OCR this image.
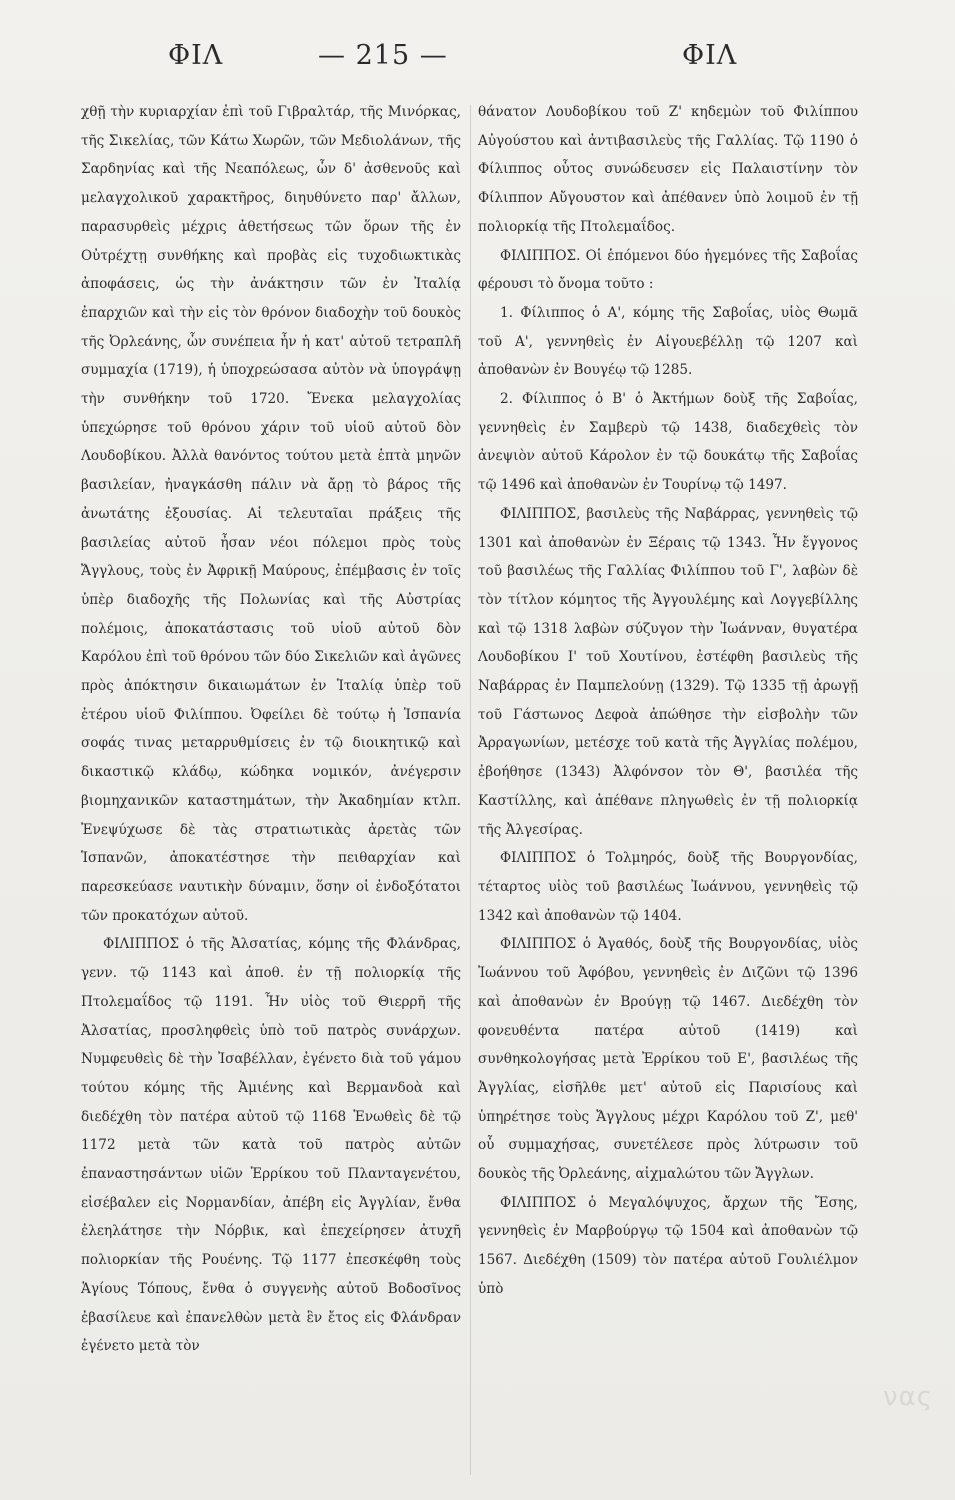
ΦΙΛ	— 215 —	ΦΙΛ

χθῇ τὴν κυριαρχίαν ἐπὶ τοῦ Γιβραλτάρ, τῆς Μινόρκας, τῆς Σικελίας, τῶν Κάτω Χωρῶν, τῶν Μεδιολάνων, τῆς Σαρδηνίας καὶ τῆς Νεαπόλεως, ὧν δ' ἀσθενοῦς καὶ μελαγχολικοῦ χαρακτῆρος, διηυθύνετο παρ' ἄλλων, παρασυρθεὶς μέχρις ἀθετήσεως τῶν ὅρων τῆς ἐν Οὐτρέχτῃ συνθήκης καὶ προβὰς εἰς τυχοδιωκτικὰς ἀποφάσεις, ὡς τὴν ἀνάκτησιν τῶν ἐν Ἰταλίᾳ ἐπαρχιῶν καὶ τὴν εἰς τὸν θρόνον διαδοχὴν τοῦ δουκὸς τῆς Ὀρλεάνης, ὧν συνέπεια ἦν ἡ κατ' αὐτοῦ τετραπλῆ συμμαχία (1719), ἡ ὑποχρεώσασα αὐτὸν νὰ ὑπογράψῃ τὴν συνθήκην τοῦ 1720. Ἔνεκα μελαγχολίας ὑπεχώρησε τοῦ θρόνου χάριν τοῦ υἱοῦ αὐτοῦ δὸν Λουδοβίκου. Ἀλλὰ θανόντος τούτου μετὰ ἑπτὰ μηνῶν βασιλείαν, ἠναγκάσθη πάλιν νὰ ἄρῃ τὸ βάρος τῆς ἀνωτάτης ἐξουσίας. Αἱ τελευταῖαι πράξεις τῆς βασιλείας αὐτοῦ ἦσαν νέοι πόλεμοι πρὸς τοὺς Ἄγγλους, τοὺς ἐν Ἀφρικῇ Μαύρους, ἐπέμβασις ἐν τοῖς ὑπὲρ διαδοχῆς τῆς Πολωνίας καὶ τῆς Αὐστρίας πολέμοις, ἀποκατάστασις τοῦ υἱοῦ αὐτοῦ δὸν Καρόλου ἐπὶ τοῦ θρόνου τῶν δύο Σικελιῶν καὶ ἀγῶνες πρὸς ἀπόκτησιν δικαιωμάτων ἐν Ἰταλίᾳ ὑπὲρ τοῦ ἑτέρου υἱοῦ Φιλίππου. Ὀφείλει δὲ τούτῳ ἡ Ἱσπανία σοφάς τινας μεταρρυθμίσεις ἐν τῷ διοικητικῷ καὶ δικαστικῷ κλάδῳ, κώδηκα νομικόν, ἀνέγερσιν βιομηχανικῶν καταστημάτων, τὴν Ἀκαδημίαν κτλπ. Ἐνεψύχωσε δὲ τὰς στρατιωτικὰς ἀρετὰς τῶν Ἱσπανῶν, ἀποκατέστησε τὴν πειθαρχίαν καὶ παρεσκεύασε ναυτικὴν δύναμιν, ὅσην οἱ ἐνδοξότατοι τῶν προκατόχων αὐτοῦ.

ΦΙΛΙΠΠΟΣ ὁ τῆς Ἀλσατίας, κόμης τῆς Φλάνδρας, γενν. τῷ 1143 καὶ ἀποθ. ἐν τῇ πολιορκίᾳ τῆς Πτολεμαΐδος τῷ 1191. Ἦν υἱὸς τοῦ Θιερρῆ τῆς Ἀλσατίας, προσληφθεὶς ὑπὸ τοῦ πατρὸς συνάρχων. Νυμφευθεὶς δὲ τὴν Ἰσαβέλλαν, ἐγένετο διὰ τοῦ γάμου τούτου κόμης τῆς Ἀμιένης καὶ Βερμανδοὰ καὶ διεδέχθη τὸν πατέρα αὐτοῦ τῷ 1168 Ἑνωθεὶς δὲ τῷ 1172 μετὰ τῶν κατὰ τοῦ πατρὸς αὐτῶν ἐπαναστησάντων υἱῶν Ἐρρίκου τοῦ Πλανταγενέτου, εἰσέβαλεν εἰς Νορμανδίαν, ἀπέβη εἰς Ἀγγλίαν, ἔνθα ἐλεηλάτησε τὴν Νόρβικ, καὶ ἐπεχείρησεν ἀτυχῆ πολιορκίαν τῆς Ρουένης. Τῷ 1177 ἐπεσκέφθη τοὺς Ἁγίους Τόπους, ἔνθα ὁ συγγενὴς αὐτοῦ Βοδοσῖνος ἐβασίλευε καὶ ἐπανελθὼν μετὰ ἓν ἔτος εἰς Φλάνδραν ἐγένετο μετὰ τὸν

θάνατον Λουδοβίκου τοῦ Ζ' κηδεμὼν τοῦ Φιλίππου Αὐγούστου καὶ ἀντιβασιλεὺς τῆς Γαλλίας. Τῷ 1190 ὁ Φίλιππος οὗτος συνώδευσεν εἰς Παλαιστίνην τὸν Φίλιππον Αὔγουστον καὶ ἀπέθανεν ὑπὸ λοιμοῦ ἐν τῇ πολιορκίᾳ τῆς Πτολεμαΐδος.

ΦΙΛΙΠΠΟΣ. Οἱ ἑπόμενοι δύο ἡγεμόνες τῆς Σαβοΐας φέρουσι τὸ ὄνομα τοῦτο :

1. Φίλιππος ὁ Α', κόμης τῆς Σαβοΐας, υἱὸς Θωμᾶ τοῦ Α', γεννηθεὶς ἐν Αἰγουεβέλλῃ τῷ 1207 καὶ ἀποθανὼν ἐν Βουγέῳ τῷ 1285.

2. Φίλιππος ὁ Β' ὁ Ἀκτήμων δοὺξ τῆς Σαβοΐας, γεννηθεὶς ἐν Σαμβερὺ τῷ 1438, διαδεχθεὶς τὸν ἀνεψιὸν αὐτοῦ Κάρολον ἐν τῷ δουκάτῳ τῆς Σαβοΐας τῷ 1496 καὶ ἀποθανὼν ἐν Τουρίνῳ τῷ 1497.

ΦΙΛΙΠΠΟΣ, βασιλεὺς τῆς Ναβάρρας, γεννηθεὶς τῷ 1301 καὶ ἀποθανὼν ἐν Ξέραις τῷ 1343. Ἦν ἔγγονος τοῦ βασιλέως τῆς Γαλλίας Φιλίππου τοῦ Γ', λαβὼν δὲ τὸν τίτλον κόμητος τῆς Ἀγγουλέμης καὶ Λογγεβίλλης καὶ τῷ 1318 λαβὼν σύζυγον τὴν Ἰωάνναν, θυγατέρα Λουδοβίκου Ι' τοῦ Χουτίνου, ἐστέφθη βασιλεὺς τῆς Ναβάρρας ἐν Παμπελούνῃ (1329). Τῷ 1335 τῇ ἀρωγῇ τοῦ Γάστωνος Δεφοὰ ἀπώθησε τὴν εἰσβολὴν τῶν Ἀρραγωνίων, μετέσχε τοῦ κατὰ τῆς Ἀγγλίας πολέμου, ἐβοήθησε (1343) Ἀλφόνσον τὸν Θ', βασιλέα τῆς Καστίλλης, καὶ ἀπέθανε πληγωθεὶς ἐν τῇ πολιορκίᾳ τῆς Ἀλγεσίρας.

ΦΙΛΙΠΠΟΣ ὁ Τολμηρός, δοὺξ τῆς Βουργονδίας, τέταρτος υἱὸς τοῦ βασιλέως Ἰωάννου, γεννηθεὶς τῷ 1342 καὶ ἀποθανὼν τῷ 1404.

ΦΙΛΙΠΠΟΣ ὁ Ἀγαθός, δοὺξ τῆς Βουργονδίας, υἱὸς Ἰωάννου τοῦ Ἀφόβου, γεννηθεὶς ἐν Διζῶνι τῷ 1396 καὶ ἀποθανὼν ἐν Βρούγῃ τῷ 1467. Διεδέχθη τὸν φονευθέντα πατέρα αὐτοῦ (1419) καὶ συνθηκολογήσας μετὰ Ἐρρίκου τοῦ Ε', βασιλέως τῆς Ἀγγλίας, εἰσῆλθε μετ' αὐτοῦ εἰς Παρισίους καὶ ὑπηρέτησε τοὺς Ἄγγλους μέχρι Καρόλου τοῦ Ζ', μεθ' οὗ συμμαχήσας, συνετέλεσε πρὸς λύτρωσιν τοῦ δουκὸς τῆς Ὀρλεάνης, αἰχμαλώτου τῶν Ἄγγλων.

ΦΙΛΙΠΠΟΣ ὁ Μεγαλόψυχος, ἄρχων τῆς Ἔσης, γεννηθεὶς ἐν Μαρβούργῳ τῷ 1504 καὶ ἀποθανὼν τῷ 1567. Διεδέχθη (1509) τὸν πατέρα αὐτοῦ Γουλιέλμον ὑπὸ

νας
